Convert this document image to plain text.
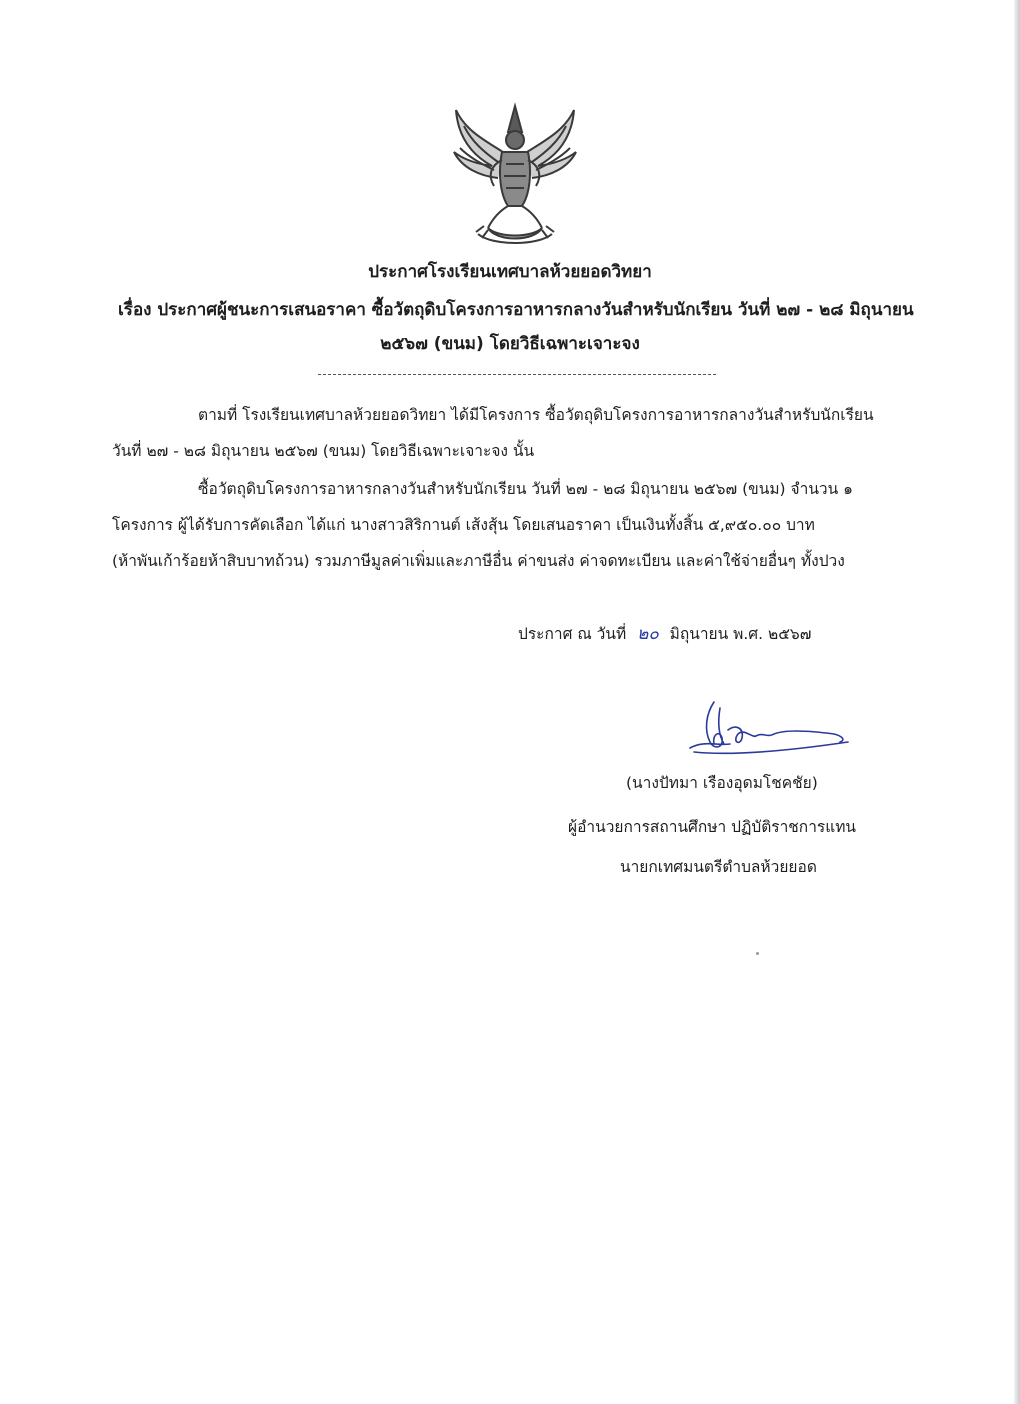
ประกาศโรงเรียนเทศบาลห้วยยอดวิทยา
เรื่อง ประกาศผู้ชนะการเสนอราคา ซื้อวัตถุดิบโครงการอาหารกลางวันสำหรับนักเรียน วันที่ ๒๗ - ๒๘ มิถุนายน
๒๕๖๗ (ขนม) โดยวิธีเฉพาะเจาะจง
ตามที่ โรงเรียนเทศบาลห้วยยอดวิทยา ได้มีโครงการ ซื้อวัตถุดิบโครงการอาหารกลางวันสำหรับนักเรียน
วันที่ ๒๗ - ๒๘ มิถุนายน ๒๕๖๗ (ขนม) โดยวิธีเฉพาะเจาะจง นั้น
ซื้อวัตถุดิบโครงการอาหารกลางวันสำหรับนักเรียน วันที่ ๒๗ - ๒๘ มิถุนายน ๒๕๖๗ (ขนม) จำนวน ๑
โครงการ ผู้ได้รับการคัดเลือก ได้แก่ นางสาวสิริกานต์ เส้งสุ้น โดยเสนอราคา เป็นเงินทั้งสิ้น ๕,๙๕๐.๐๐ บาท
(ห้าพันเก้าร้อยห้าสิบบาทถ้วน) รวมภาษีมูลค่าเพิ่มและภาษีอื่น ค่าขนส่ง ค่าจดทะเบียน และค่าใช้จ่ายอื่นๆ ทั้งปวง
ประกาศ ณ วันที่ ๒๐ มิถุนายน พ.ศ. ๒๕๖๗
(นางปัทมา เรืองอุดมโชคชัย)
ผู้อำนวยการสถานศึกษา ปฏิบัติราชการแทน
นายกเทศมนตรีตำบลห้วยยอด
